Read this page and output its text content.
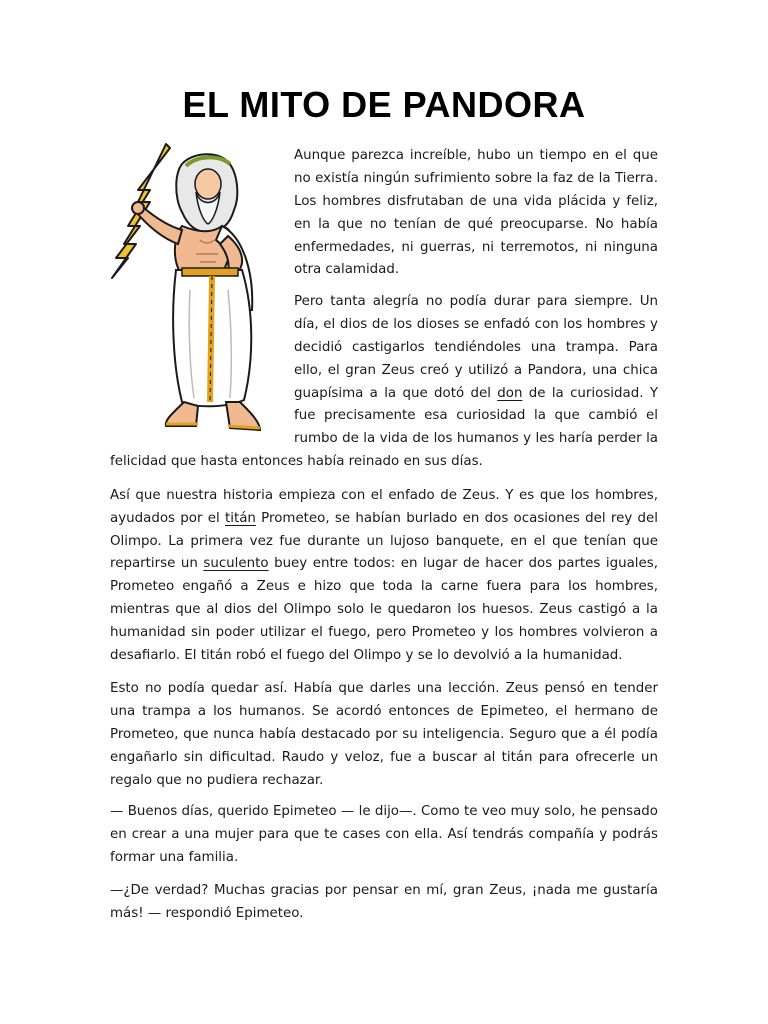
EL MITO DE PANDORA
Aunque parezca increíble, hubo un tiempo en el que
no existía ningún sufrimiento sobre la faz de la Tierra.
Los hombres disfrutaban de una vida plácida y feliz,
en la que no tenían de qué preocuparse. No había
enfermedades, ni guerras, ni terremotos, ni ninguna
otra calamidad.
Pero tanta alegría no podía durar para siempre. Un
día, el dios de los dioses se enfadó con los hombres y
decidió castigarlos tendiéndoles una trampa. Para
ello, el gran Zeus creó y utilizó a Pandora, una chica
guapísima a la que dotó del don de la curiosidad. Y
fue precisamente esa curiosidad la que cambió el
rumbo de la vida de los humanos y les haría perder la
felicidad que hasta entonces había reinado en sus días.
Así que nuestra historia empieza con el enfado de Zeus. Y es que los hombres,
ayudados por el titán Prometeo, se habían burlado en dos ocasiones del rey del
Olimpo. La primera vez fue durante un lujoso banquete, en el que tenían que
repartirse un suculento buey entre todos: en lugar de hacer dos partes iguales,
Prometeo engañó a Zeus e hizo que toda la carne fuera para los hombres,
mientras que al dios del Olimpo solo le quedaron los huesos. Zeus castigó a la
humanidad sin poder utilizar el fuego, pero Prometeo y los hombres volvieron a
desafiarlo. El titán robó el fuego del Olimpo y se lo devolvió a la humanidad.
Esto no podía quedar así. Había que darles una lección. Zeus pensó en tender
una trampa a los humanos. Se acordó entonces de Epimeteo, el hermano de
Prometeo, que nunca había destacado por su inteligencia. Seguro que a él podía
engañarlo sin dificultad. Raudo y veloz, fue a buscar al titán para ofrecerle un
regalo que no pudiera rechazar.
— Buenos días, querido Epimeteo — le dijo—. Como te veo muy solo, he pensado
en crear a una mujer para que te cases con ella. Así tendrás compañía y podrás
formar una familia.
—¿De verdad? Muchas gracias por pensar en mí, gran Zeus, ¡nada me gustaría
más! — respondió Epimeteo.
